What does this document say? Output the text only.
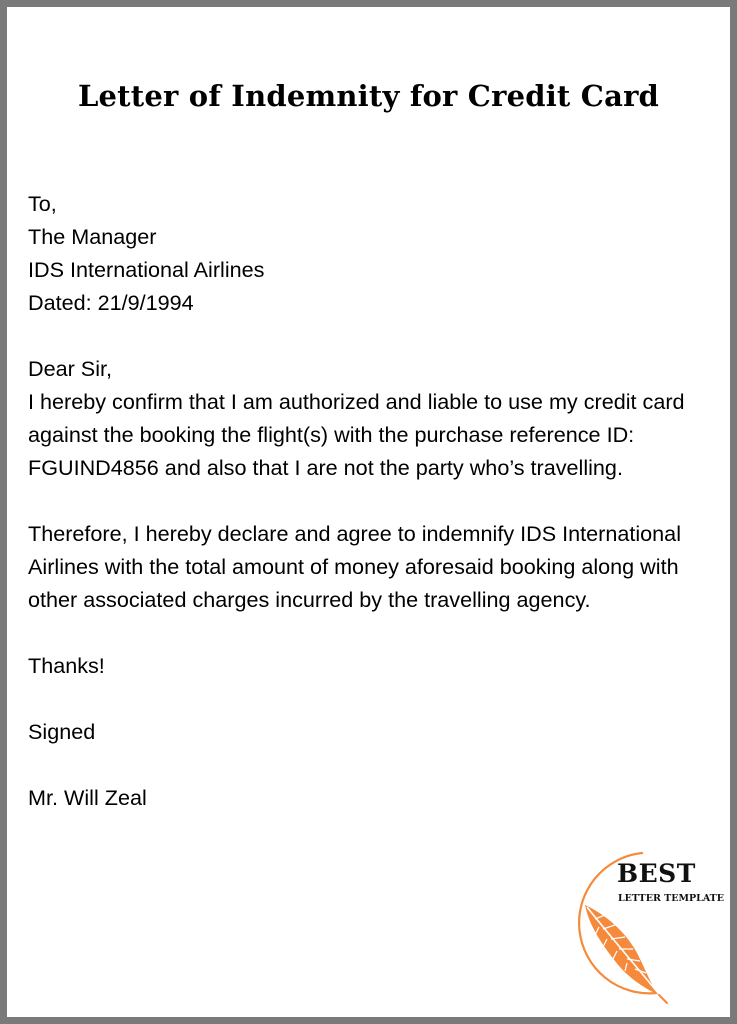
Letter of Indemnity for Credit Card
To,
The Manager
IDS International Airlines
Dated: 21/9/1994
Dear Sir,

I hereby confirm that I am authorized and liable to use my credit card against the booking the flight(s) with the purchase reference ID: FGUIND4856 and also that I are not the party who’s travelling.

Therefore, I hereby declare and agree to indemnify IDS International Airlines with the total amount of money aforesaid booking along with other associated charges incurred by the travelling agency.

Thanks!
Signed
Mr. Will Zeal
BEST
LETTER TEMPLATE
